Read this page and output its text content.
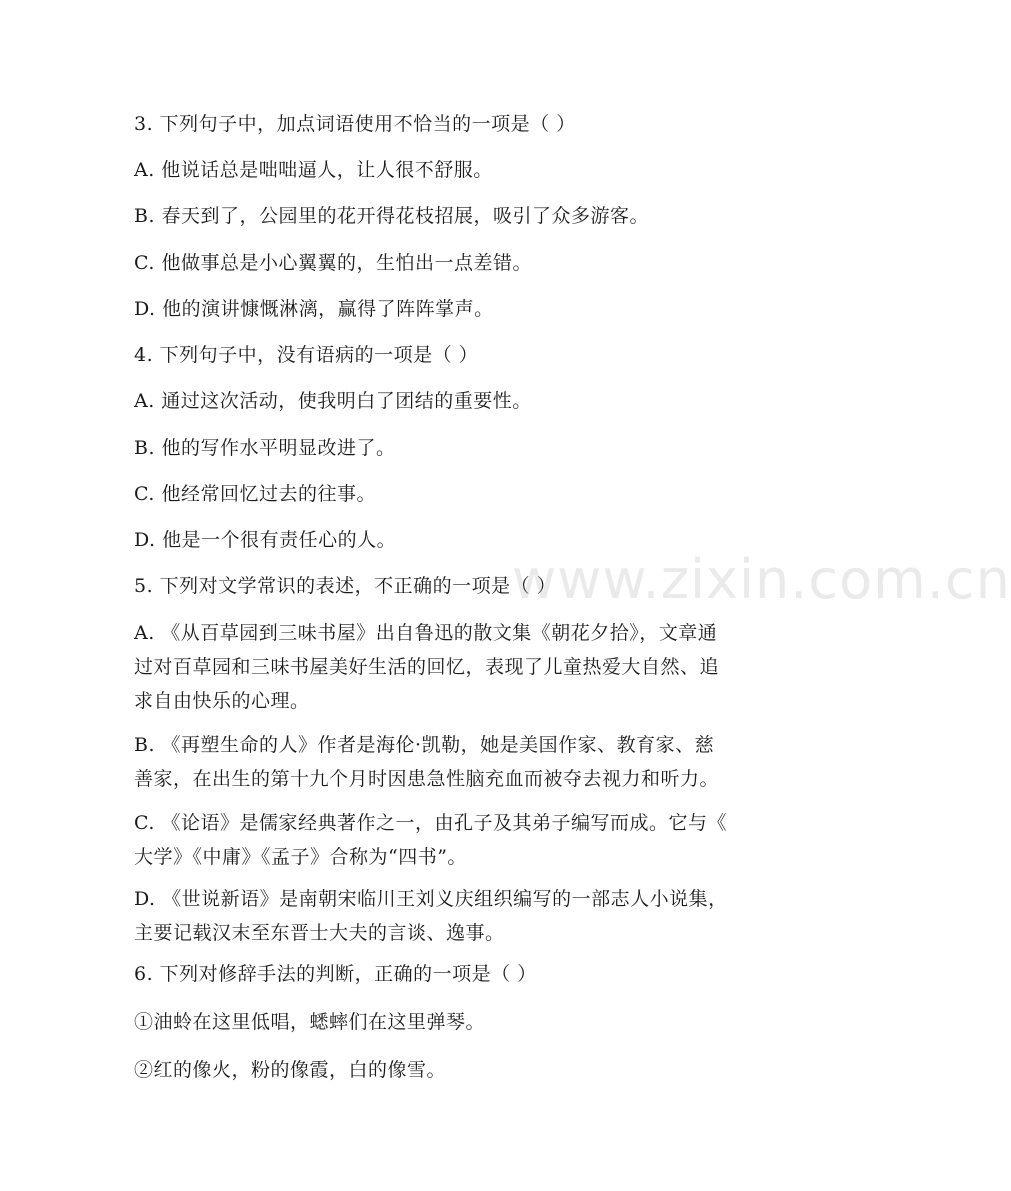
3. 下列句子中，加点词语使用不恰当的一项是（ ）
A. 他说话总是咄咄逼人，让人很不舒服。
B. 春天到了，公园里的花开得花枝招展，吸引了众多游客。
C. 他做事总是小心翼翼的，生怕出一点差错。
D. 他的演讲慷慨淋漓，赢得了阵阵掌声。
4. 下列句子中，没有语病的一项是（ ）
A. 通过这次活动，使我明白了团结的重要性。
B. 他的写作水平明显改进了。
C. 他经常回忆过去的往事。
D. 他是一个很有责任心的人。
5. 下列对文学常识的表述，不正确的一项是（ ）
A. 《从百草园到三味书屋》出自鲁迅的散文集《朝花夕拾》，文章通
过对百草园和三味书屋美好生活的回忆，表现了儿童热爱大自然、追
求自由快乐的心理。
B. 《再塑生命的人》作者是海伦·凯勒，她是美国作家、教育家、慈
善家，在出生的第十九个月时因患急性脑充血而被夺去视力和听力。
C. 《论语》是儒家经典著作之一，由孔子及其弟子编写而成。它与《
大学》《中庸》《孟子》合称为“四书”。
D. 《世说新语》是南朝宋临川王刘义庆组织编写的一部志人小说集，
主要记载汉末至东晋士大夫的言谈、逸事。
6. 下列对修辞手法的判断，正确的一项是（ ）
①油蛉在这里低唱，蟋蟀们在这里弹琴。
②红的像火，粉的像霞，白的像雪。
www.zixin.com.cn
